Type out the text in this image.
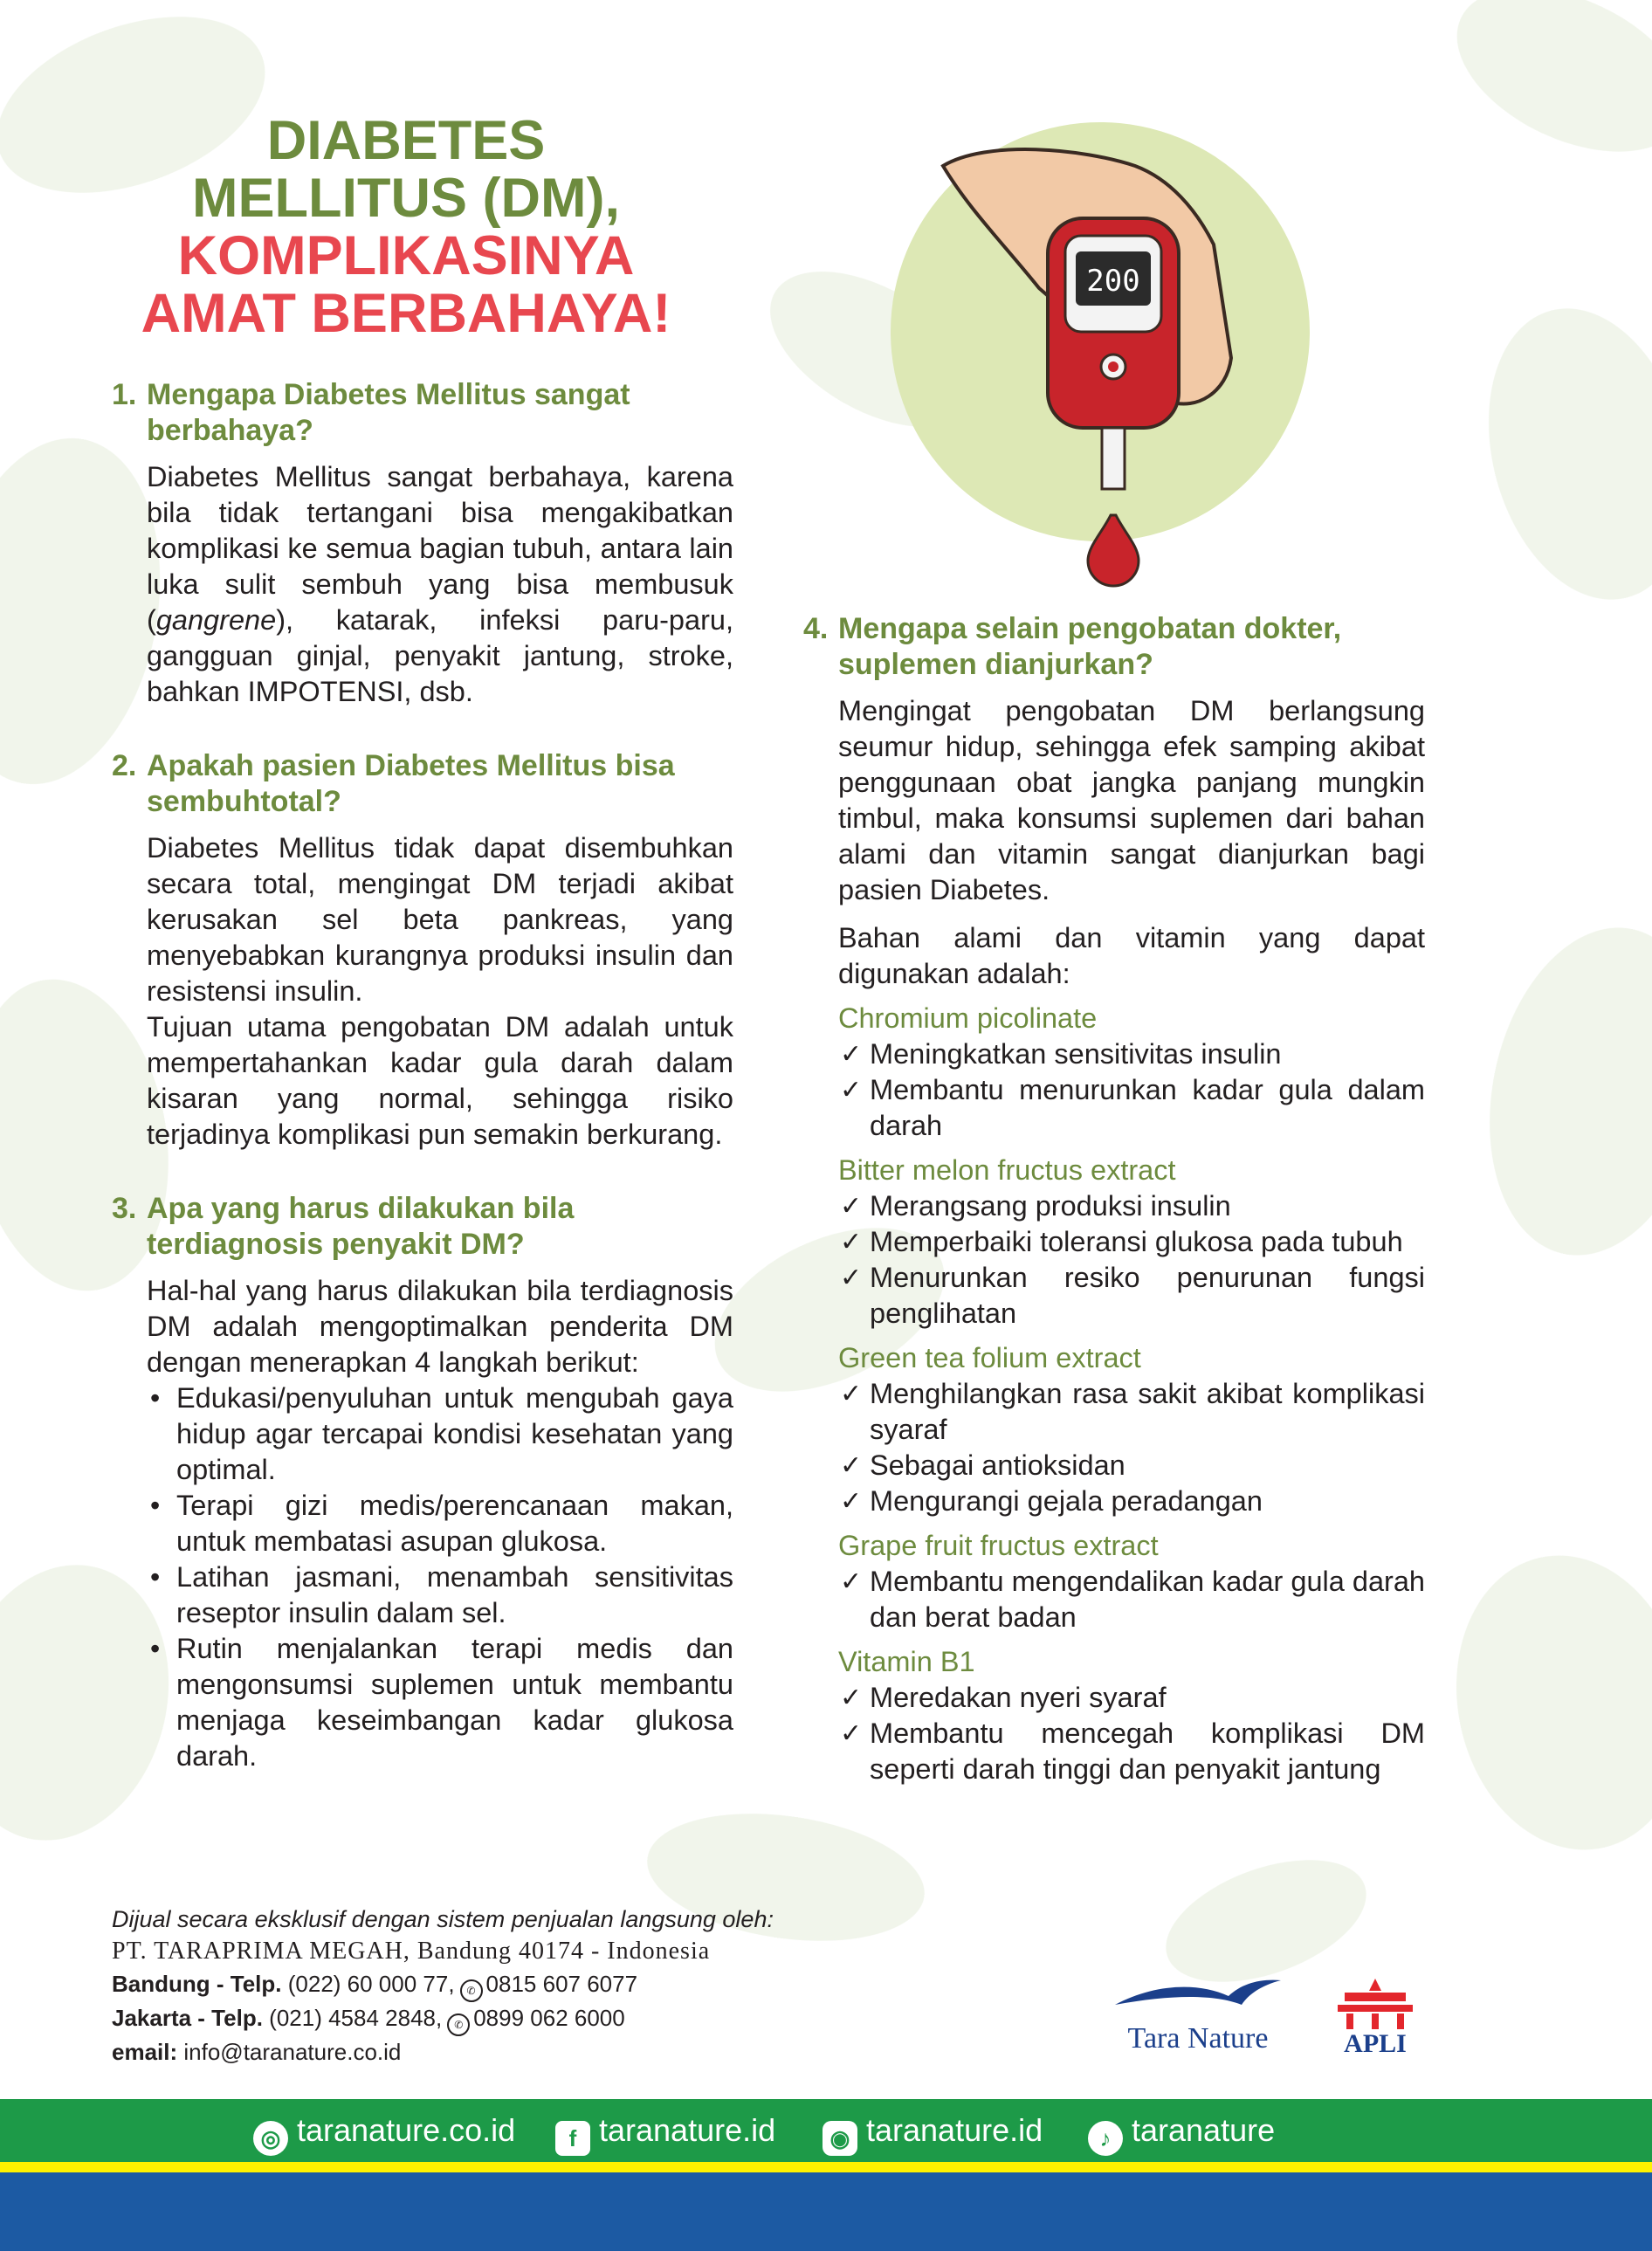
DIABETES
MELLITUS (DM),
KOMPLIKASINYA
AMAT BERBAHAYA!
200
1. Mengapa Diabetes Mellitus sangat berbahaya?
Diabetes Mellitus sangat berbahaya, karena bila tidak tertangani bisa mengakibatkan komplikasi ke semua bagian tubuh, antara lain luka sulit sembuh yang bisa membusuk (gangrene), katarak, infeksi paru-paru, gangguan ginjal, penyakit jantung, stroke, bahkan IMPOTENSI, dsb.
2. Apakah pasien Diabetes Mellitus bisa sembuhtotal?
Diabetes Mellitus tidak dapat disembuhkan secara total, mengingat DM terjadi akibat kerusakan sel beta pankreas, yang menyebabkan kurangnya produksi insulin dan resistensi insulin.
Tujuan utama pengobatan DM adalah untuk mempertahankan kadar gula darah dalam kisaran yang normal, sehingga risiko terjadinya komplikasi pun semakin berkurang.
3. Apa yang harus dilakukan bila terdiagnosis penyakit DM?
Hal-hal yang harus dilakukan bila terdiagnosis DM adalah mengoptimalkan penderita DM dengan menerapkan 4 langkah berikut:
• Edukasi/penyuluhan untuk mengubah gaya hidup agar tercapai kondisi kesehatan yang optimal.
• Terapi gizi medis/perencanaan makan, untuk membatasi asupan glukosa.
• Latihan jasmani, menambah sensitivitas reseptor insulin dalam sel.
• Rutin menjalankan terapi medis dan mengonsumsi suplemen untuk membantu menjaga keseimbangan kadar glukosa darah.
4. Mengapa selain pengobatan dokter, suplemen dianjurkan?
Mengingat pengobatan DM berlangsung seumur hidup, sehingga efek samping akibat penggunaan obat jangka panjang mungkin timbul, maka konsumsi suplemen dari bahan alami dan vitamin sangat dianjurkan bagi pasien Diabetes.
Bahan alami dan vitamin yang dapat digunakan adalah:
Chromium picolinate
✓ Meningkatkan sensitivitas insulin
✓ Membantu menurunkan kadar gula dalam darah
Bitter melon fructus extract
✓ Merangsang produksi insulin
✓ Memperbaiki toleransi glukosa pada tubuh
✓ Menurunkan resiko penurunan fungsi penglihatan
Green tea folium extract
✓ Menghilangkan rasa sakit akibat komplikasi syaraf
✓ Sebagai antioksidan
✓ Mengurangi gejala peradangan
Grape fruit fructus extract
✓ Membantu mengendalikan kadar gula darah dan berat badan
Vitamin B1
✓ Meredakan nyeri syaraf
✓ Membantu mencegah komplikasi DM seperti darah tinggi dan penyakit jantung
Dijual secara eksklusif dengan sistem penjualan langsung oleh:
PT. TARAPRIMA MEGAH, Bandung 40174 - Indonesia
Bandung - Telp. (022) 60 000 77, ✆ 0815 607 6077
Jakarta - Telp. (021) 4584 2848, ✆ 0899 062 6000
email: info@taranature.co.id	Tara Nature	APLI
◎ taranature.co.id	f taranature.id	◉ taranature.id	♪ taranature
